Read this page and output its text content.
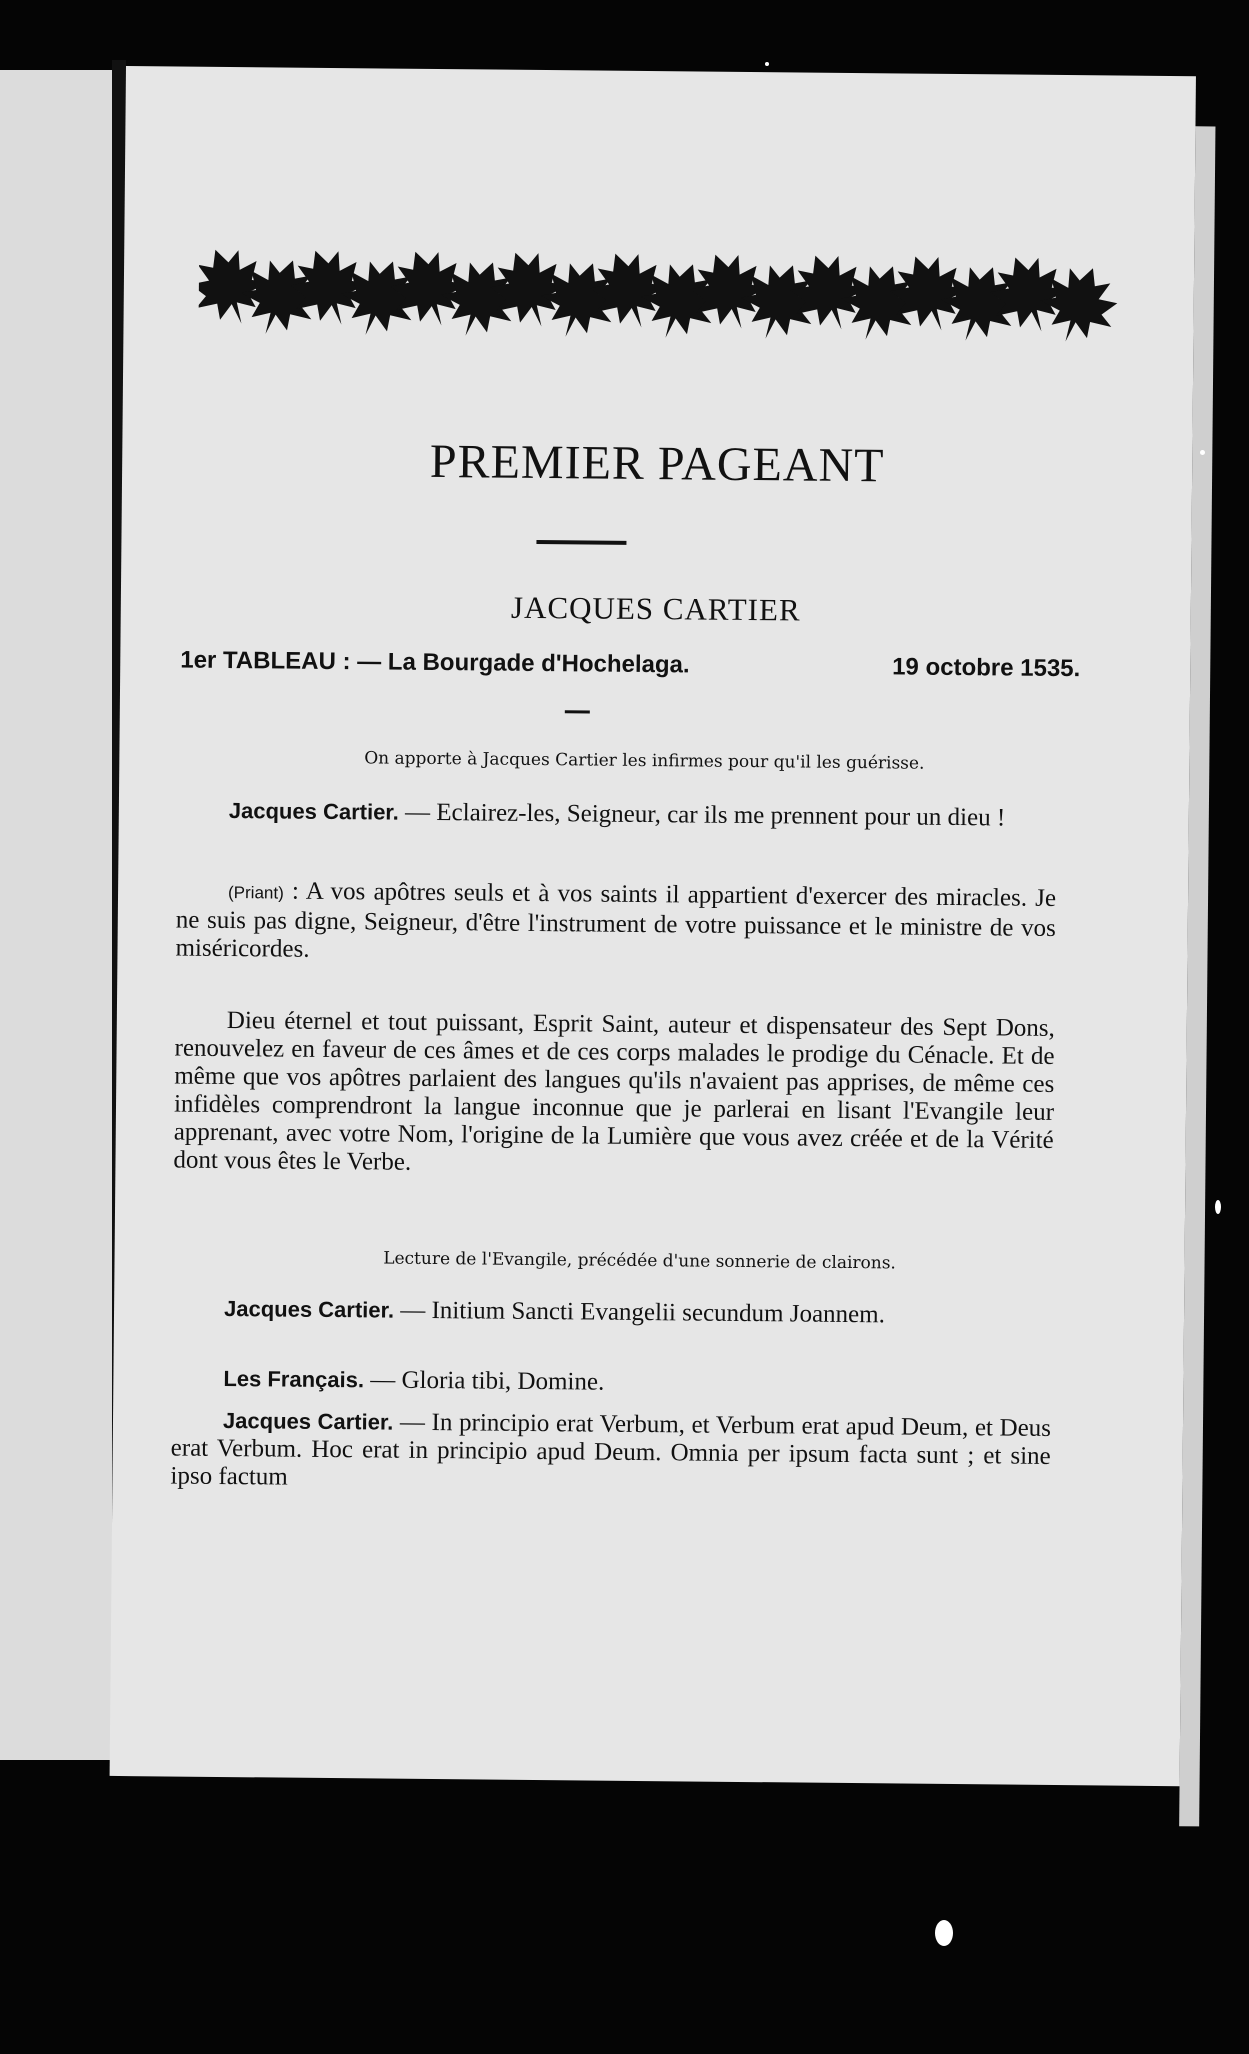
PREMIER PAGEANT
JACQUES CARTIER
1er TABLEAU : — La Bourgade d'Hochelaga.	19 octobre 1535.
On apporte à Jacques Cartier les infirmes pour qu'il les guérisse.
Jacques Cartier. — Eclairez-les, Seigneur, car ils me prennent pour un dieu !
(Priant) : A vos apôtres seuls et à vos saints il appartient d'exercer des miracles. Je ne suis pas digne, Seigneur, d'être l'instrument de votre puissance et le ministre de vos miséricordes.
Dieu éternel et tout puissant, Esprit Saint, auteur et dispensateur des Sept Dons, renouvelez en faveur de ces âmes et de ces corps malades le prodige du Cénacle. Et de même que vos apôtres parlaient des langues qu'ils n'avaient pas apprises, de même ces infidèles comprendront la langue inconnue que je parlerai en lisant l'Evangile leur apprenant, avec votre Nom, l'origine de la Lumière que vous avez créée et de la Vérité dont vous êtes le Verbe.
Lecture de l'Evangile, précédée d'une sonnerie de clairons.
Jacques Cartier. — Initium Sancti Evangelii secundum Joannem.
Les Français. — Gloria tibi, Domine.
Jacques Cartier. — In principio erat Verbum, et Verbum erat apud Deum, et Deus erat Verbum. Hoc erat in principio apud Deum. Omnia per ipsum facta sunt ; et sine ipso factum
